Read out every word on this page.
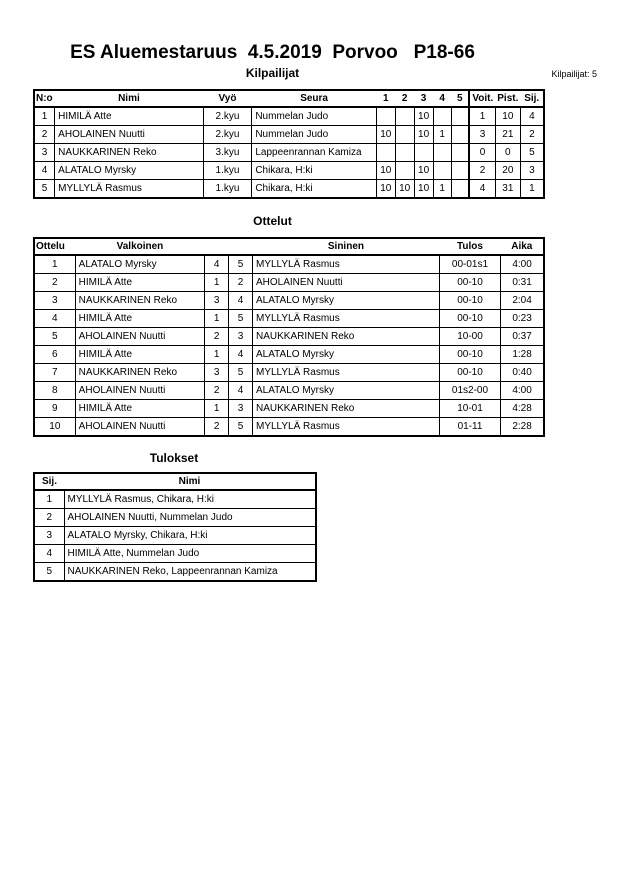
Kilpailijat: 5
ES Aluemestaruus  4.5.2019  Porvoo   P18-66
Kilpailijat
N:o	Nimi	Vyö	Seura	1	2	3	4	5	Voit.	Pist.	Sij.
1	HIMILÄ Atte	2.kyu	Nummelan Judo			10			1	10	4
2	AHOLAINEN Nuutti	2.kyu	Nummelan Judo	10		10	1		3	21	2
3	NAUKKARINEN Reko	3.kyu	Lappeenrannan Kamiza						0	0	5
4	ALATALO Myrsky	1.kyu	Chikara, H:ki	10		10			2	20	3
5	MYLLYLÄ Rasmus	1.kyu	Chikara, H:ki	10	10	10	1		4	31	1
Ottelut
Ottelu	Valkoinen			Sininen	Tulos	Aika
1	ALATALO Myrsky	4	5	MYLLYLÄ Rasmus	00-01s1	4:00
2	HIMILÄ Atte	1	2	AHOLAINEN Nuutti	00-10	0:31
3	NAUKKARINEN Reko	3	4	ALATALO Myrsky	00-10	2:04
4	HIMILÄ Atte	1	5	MYLLYLÄ Rasmus	00-10	0:23
5	AHOLAINEN Nuutti	2	3	NAUKKARINEN Reko	10-00	0:37
6	HIMILÄ Atte	1	4	ALATALO Myrsky	00-10	1:28
7	NAUKKARINEN Reko	3	5	MYLLYLÄ Rasmus	00-10	0:40
8	AHOLAINEN Nuutti	2	4	ALATALO Myrsky	01s2-00	4:00
9	HIMILÄ Atte	1	3	NAUKKARINEN Reko	10-01	4:28
10	AHOLAINEN Nuutti	2	5	MYLLYLÄ Rasmus	01-11	2:28
Tulokset
Sij.	Nimi
1	MYLLYLÄ Rasmus, Chikara, H:ki
2	AHOLAINEN Nuutti, Nummelan Judo
3	ALATALO Myrsky, Chikara, H:ki
4	HIMILÄ Atte, Nummelan Judo
5	NAUKKARINEN Reko, Lappeenrannan Kamiza
